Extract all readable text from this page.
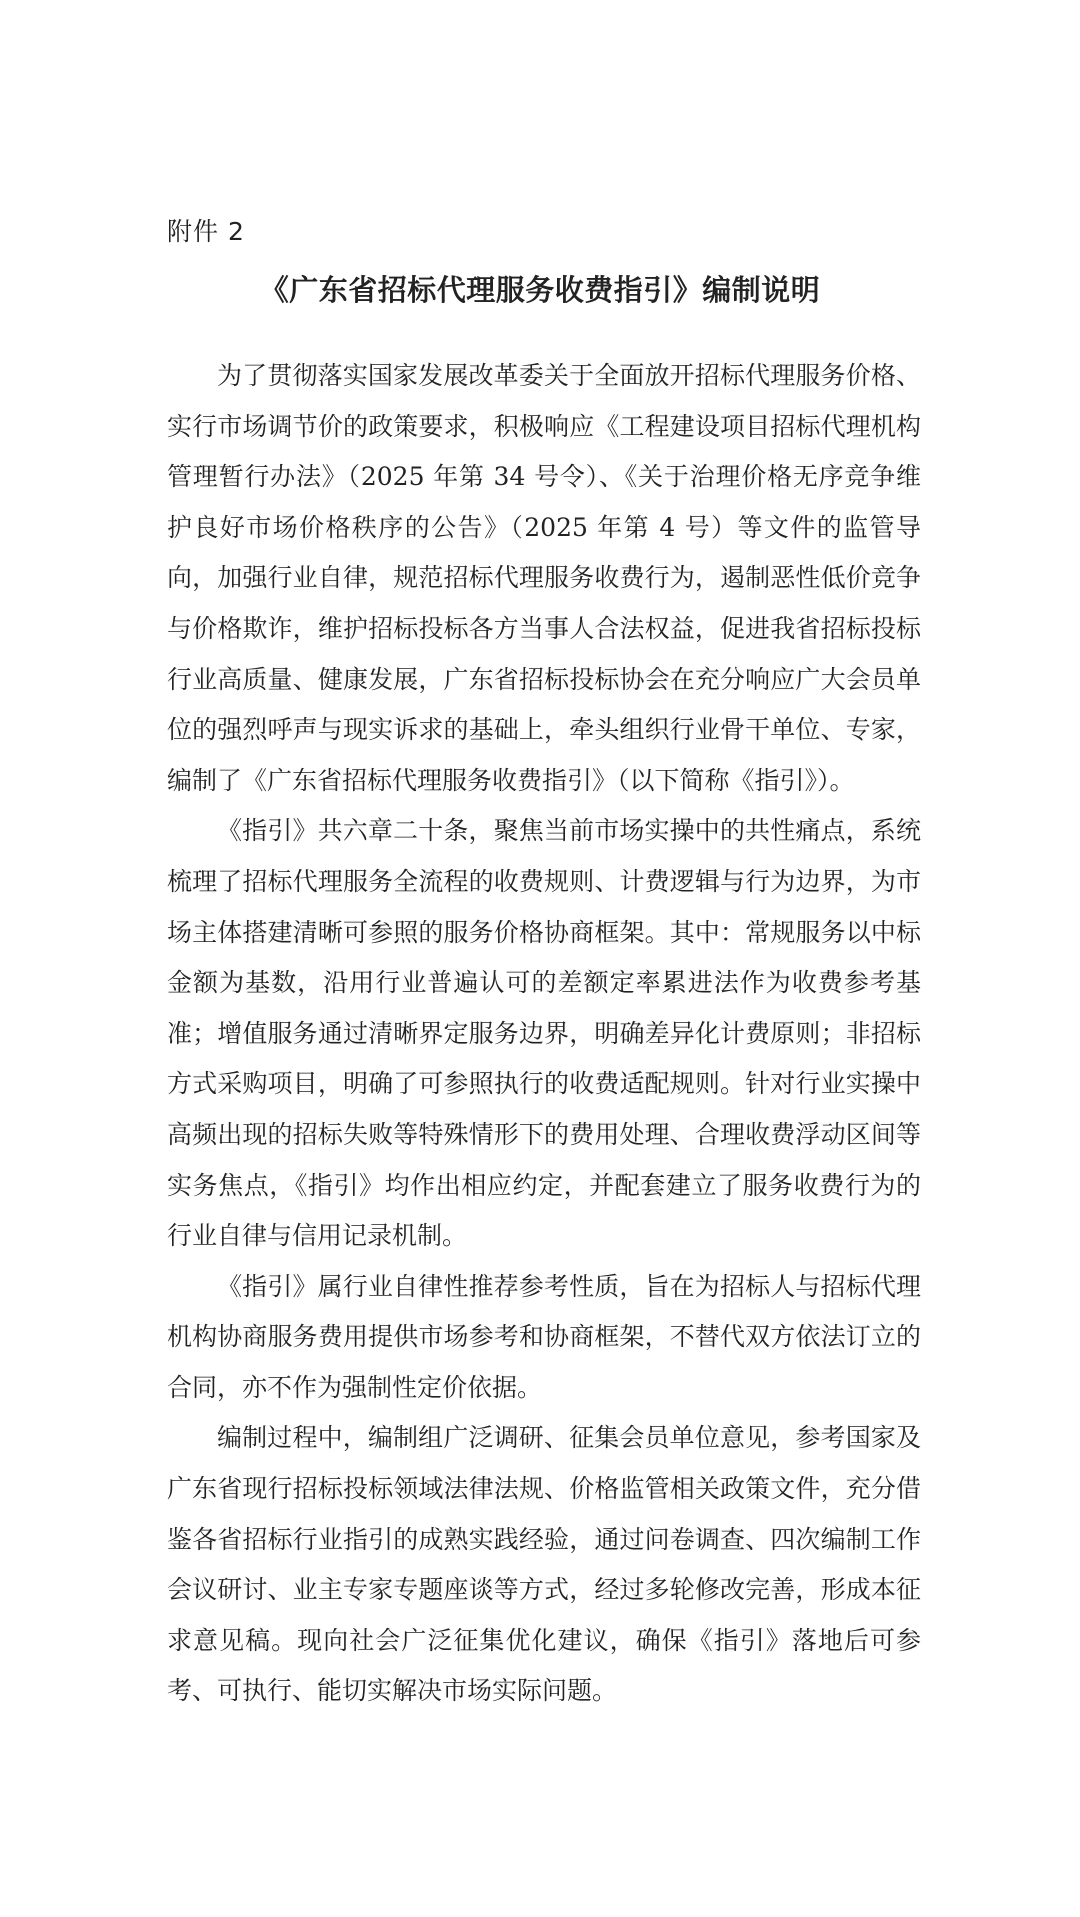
附件 2
《广东省招标代理服务收费指引》编制说明

为了贯彻落实国家发展改革委关于全面放开招标代理服务价格、实行市场调节价的政策要求，积极响应《工程建设项目招标代理机构管理暂行办法》（2025 年第 34 号令）、《关于治理价格无序竞争维护良好市场价格秩序的公告》（2025 年第 4 号）等文件的监管导向，加强行业自律，规范招标代理服务收费行为，遏制恶性低价竞争与价格欺诈，维护招标投标各方当事人合法权益，促进我省招标投标行业高质量、健康发展，广东省招标投标协会在充分响应广大会员单位的强烈呼声与现实诉求的基础上，牵头组织行业骨干单位、专家，编制了《广东省招标代理服务收费指引》（以下简称《指引》）。

《指引》共六章二十条，聚焦当前市场实操中的共性痛点，系统梳理了招标代理服务全流程的收费规则、计费逻辑与行为边界，为市场主体搭建清晰可参照的服务价格协商框架。其中：常规服务以中标金额为基数，沿用行业普遍认可的差额定率累进法作为收费参考基准；增值服务通过清晰界定服务边界，明确差异化计费原则；非招标方式采购项目，明确了可参照执行的收费适配规则。针对行业实操中高频出现的招标失败等特殊情形下的费用处理、合理收费浮动区间等实务焦点，《指引》均作出相应约定，并配套建立了服务收费行为的行业自律与信用记录机制。

《指引》属行业自律性推荐参考性质，旨在为招标人与招标代理机构协商服务费用提供市场参考和协商框架，不替代双方依法订立的合同，亦不作为强制性定价依据。

编制过程中，编制组广泛调研、征集会员单位意见，参考国家及广东省现行招标投标领域法律法规、价格监管相关政策文件，充分借鉴各省招标行业指引的成熟实践经验，通过问卷调查、四次编制工作会议研讨、业主专家专题座谈等方式，经过多轮修改完善，形成本征求意见稿。现向社会广泛征集优化建议，确保《指引》落地后可参考、可执行、能切实解决市场实际问题。
